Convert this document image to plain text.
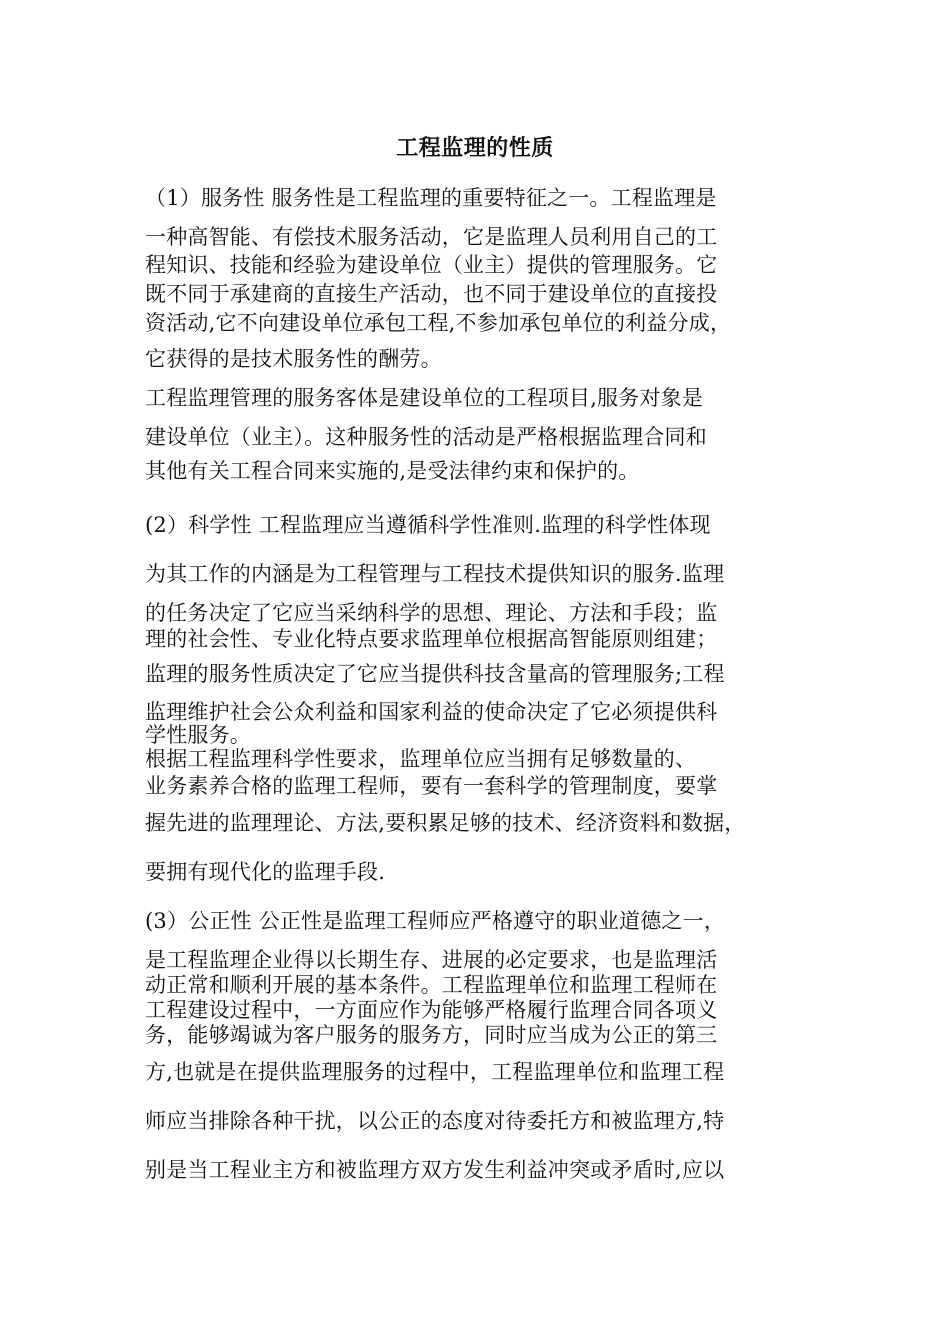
工程监理的性质
（1）服务性 服务性是工程监理的重要特征之一。工程监理是
一种高智能、有偿技术服务活动，它是监理人员利用自己的工
程知识、技能和经验为建设单位（业主）提供的管理服务。它
既不同于承建商的直接生产活动，也不同于建设单位的直接投
资活动,它不向建设单位承包工程,不参加承包单位的利益分成，
它获得的是技术服务性的酬劳。
工程监理管理的服务客体是建设单位的工程项目,服务对象是
建设单位（业主）。这种服务性的活动是严格根据监理合同和
其他有关工程合同来实施的,是受法律约束和保护的。
(2）科学性 工程监理应当遵循科学性准则.监理的科学性体现
为其工作的内涵是为工程管理与工程技术提供知识的服务.监理
的任务决定了它应当采纳科学的思想、理论、方法和手段；监
理的社会性、专业化特点要求监理单位根据高智能原则组建；
监理的服务性质决定了它应当提供科技含量高的管理服务;工程
监理维护社会公众利益和国家利益的使命决定了它必须提供科
学性服务。
根据工程监理科学性要求，监理单位应当拥有足够数量的、
业务素养合格的监理工程师，要有一套科学的管理制度，要掌
握先进的监理理论、方法,要积累足够的技术、经济资料和数据，
要拥有现代化的监理手段.
(3）公正性 公正性是监理工程师应严格遵守的职业道德之一，
是工程监理企业得以长期生存、进展的必定要求，也是监理活
动正常和顺利开展的基本条件。工程监理单位和监理工程师在
工程建设过程中，一方面应作为能够严格履行监理合同各项义
务，能够竭诚为客户服务的服务方，同时应当成为公正的第三
方,也就是在提供监理服务的过程中，工程监理单位和监理工程
师应当排除各种干扰，以公正的态度对待委托方和被监理方,特
别是当工程业主方和被监理方双方发生利益冲突或矛盾时,应以
